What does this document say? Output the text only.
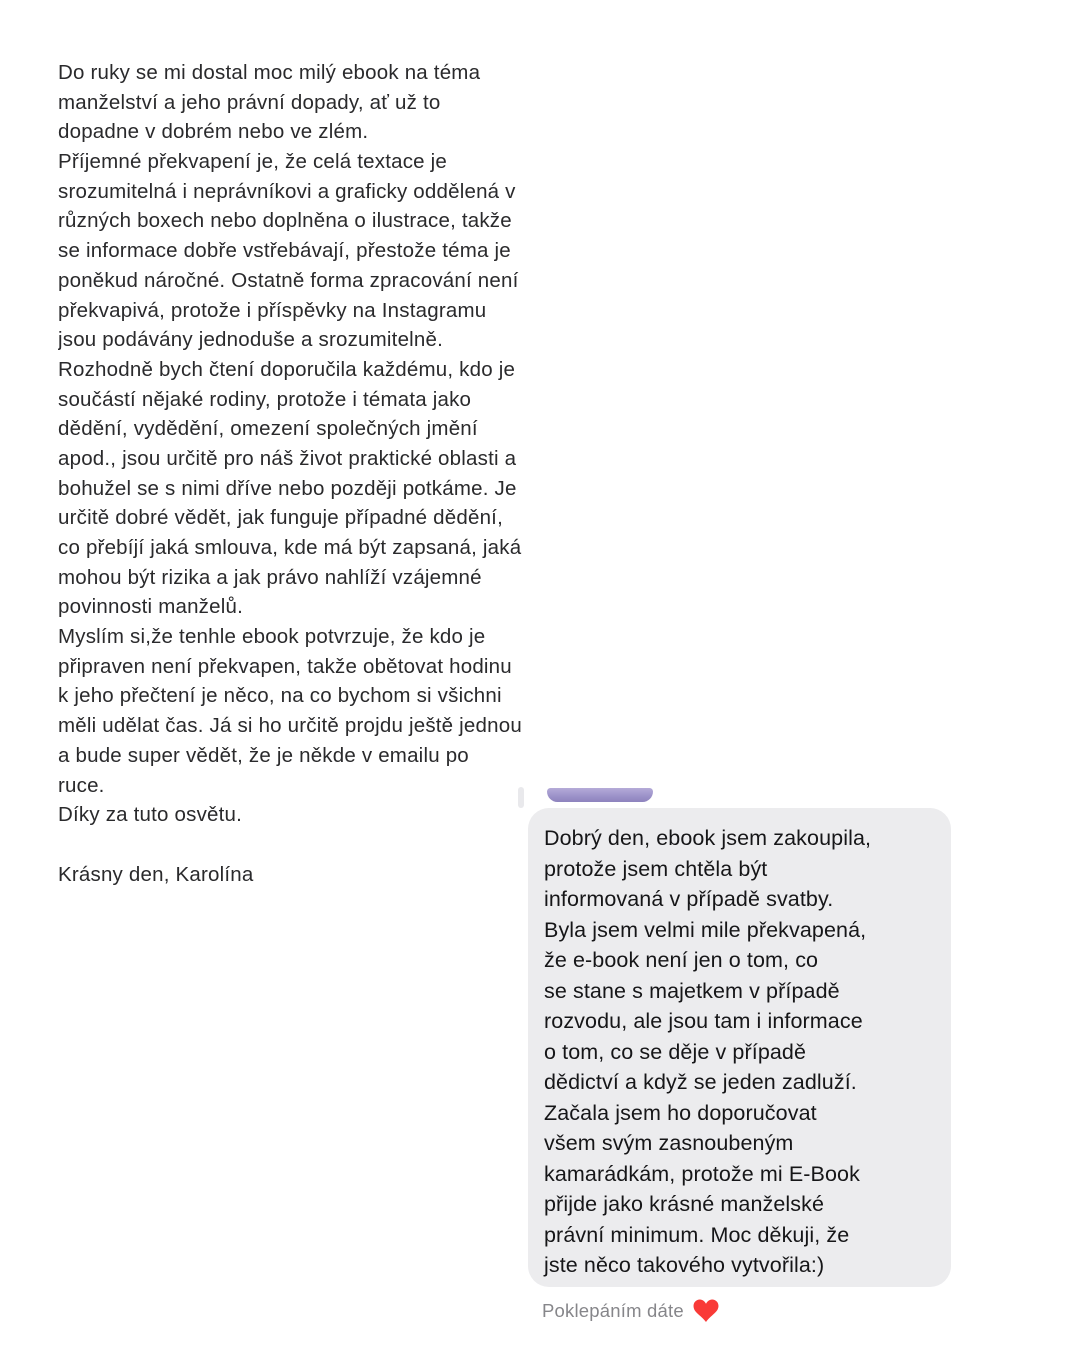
Do ruky se mi dostal moc milý ebook na téma
manželství a jeho právní dopady, ať už to
dopadne v dobrém nebo ve zlém.
Příjemné překvapení je, že celá textace je
srozumitelná i neprávníkovi a graficky oddělená v
různých boxech nebo doplněna o ilustrace, takže
se informace dobře vstřebávají, přestože téma je
poněkud náročné. Ostatně forma zpracování není
překvapivá, protože i příspěvky na Instagramu
jsou podávány jednoduše a srozumitelně.
Rozhodně bych čtení doporučila každému, kdo je
součástí nějaké rodiny, protože i témata jako
dědění, vydědění, omezení společných jmění
apod., jsou určitě pro náš život praktické oblasti a
bohužel se s nimi dříve nebo později potkáme. Je
určitě dobré vědět, jak funguje případné dědění,
co přebíjí jaká smlouva, kde má být zapsaná, jaká
mohou být rizika a jak právo nahlíží vzájemné
povinnosti manželů.
Myslím si,že tenhle ebook potvrzuje, že kdo je
připraven není překvapen, takže obětovat hodinu
k jeho přečtení je něco, na co bychom si všichni
měli udělat čas. Já si ho určitě projdu ještě jednou
a bude super vědět, že je někde v emailu po
ruce.
Díky za tuto osvětu.
Krásny den, Karolína
Dobrý den, ebook jsem zakoupila,
protože jsem chtěla být
informovaná v případě svatby.
Byla jsem velmi mile překvapená,
že e-book není jen o tom, co
se stane s majetkem v případě
rozvodu, ale jsou tam i informace
o tom, co se děje v případě
dědictví a když se jeden zadluží.
Začala jsem ho doporučovat
všem svým zasnoubeným
kamarádkám, protože mi E-Book
přijde jako krásné manželské
právní minimum. Moc děkuji, že
jste něco takového vytvořila:)
Poklepáním dáte
